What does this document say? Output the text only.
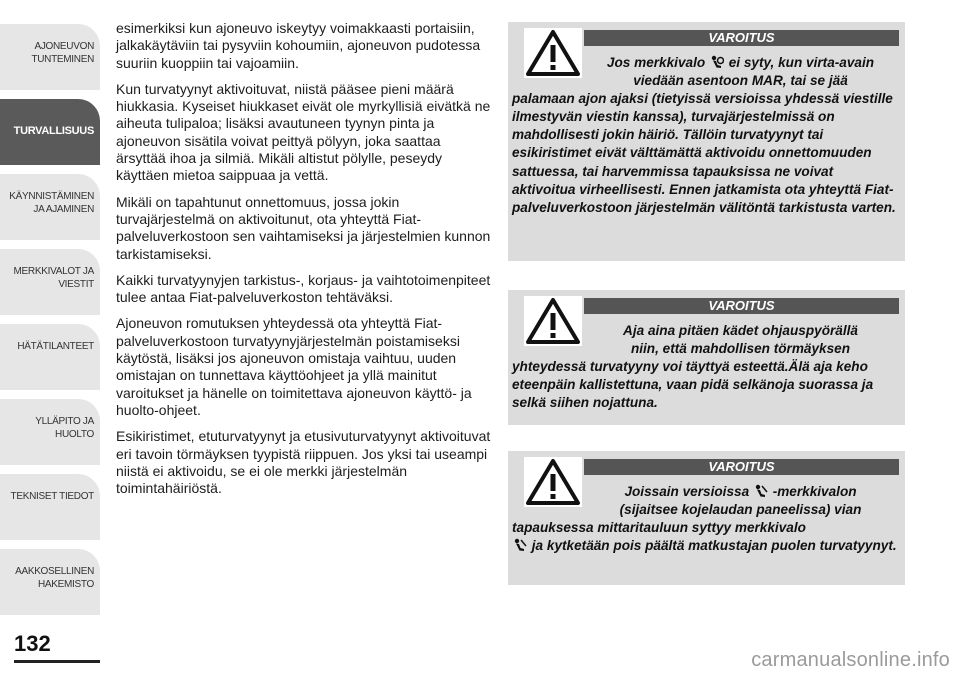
AJONEUVON
TUNTEMINEN
TURVALLISUUS
KÄYNNISTÄMINEN
JA AJAMINEN
MERKKIVALOT JA
VIESTIT
HÄTÄTILANTEET
YLLÄPITO JA HUOLTO
TEKNISET TIEDOT
AAKKOSELLINEN
HAKEMISTO
132

esimerkiksi kun ajoneuvo iskeytyy voimakkaasti portaisiin, jalkakäytäviin tai pysyviin kohoumiin, ajoneuvon pudotessa suuriin kuoppiin tai vajoamiin.

Kun turvatyynyt aktivoituvat, niistä pääsee pieni määrä hiukkasia. Kyseiset hiukkaset eivät ole myrkyllisiä eivätkä ne aiheuta tulipaloa; lisäksi avautuneen tyynyn pinta ja ajoneuvon sisätila voivat peittyä pölyyn, joka saattaa ärsyttää ihoa ja silmiä. Mikäli altistut pölylle, peseydy käyttäen mietoa saippuaa ja vettä.

Mikäli on tapahtunut onnettomuus, jossa jokin turvajärjestelmä on aktivoitunut, ota yhteyttä Fiat-palveluverkostoon sen vaihtamiseksi ja järjestelmien kunnon tarkistamiseksi.

Kaikki turvatyynyjen tarkistus-, korjaus- ja vaihtotoimenpiteet tulee antaa Fiat-palveluverkoston tehtäväksi.

Ajoneuvon romutuksen yhteydessä ota yhteyttä Fiat-palveluverkostoon turvatyynyjärjestelmän poistamiseksi käytöstä, lisäksi jos ajoneuvon omistaja vaihtuu, uuden omistajan on tunnettava käyttöohjeet ja yllä mainitut varoitukset ja hänelle on toimitettava ajoneuvon käyttö- ja huolto-ohjeet.

Esikiristimet, etuturvatyynyt ja etusivuturvatyynyt aktivoituvat eri tavoin törmäyksen tyypistä riippuen. Jos yksi tai useampi niistä ei aktivoidu, se ei ole merkki järjestelmän toimintahäiriöstä.

VAROITUS
Jos merkkivalo ei syty, kun virta-avain
viedään asentoon MAR, tai se jää
palamaan ajon ajaksi (tietyissä versioissa yhdessä viestille ilmestyvän viestin kanssa), turvajärjestelmissä on mahdollisesti jokin häiriö. Tällöin turvatyynyt tai esikiristimet eivät välttämättä aktivoidu onnettomuuden sattuessa, tai harvemmissa tapauksissa ne voivat aktivoitua virheellisesti. Ennen jatkamista ota yhteyttä Fiat-palveluverkostoon järjestelmän välitöntä tarkistusta varten.
VAROITUS
Aja aina pitäen kädet ohjauspyörällä
niin, että mahdollisen törmäyksen
yhteydessä turvatyyny voi täyttyä esteettä.Älä aja keho eteenpäin kallistettuna, vaan pidä selkänoja suorassa ja selkä siihen nojattuna.
VAROITUS
Joissain versioissa -merkkivalon
(sijaitsee kojelaudan paneelissa) vian
tapauksessa mittaritauluun syttyy merkkivalo
ja kytketään pois päältä matkustajan puolen turvatyynyt.
carmanualsonline.info
